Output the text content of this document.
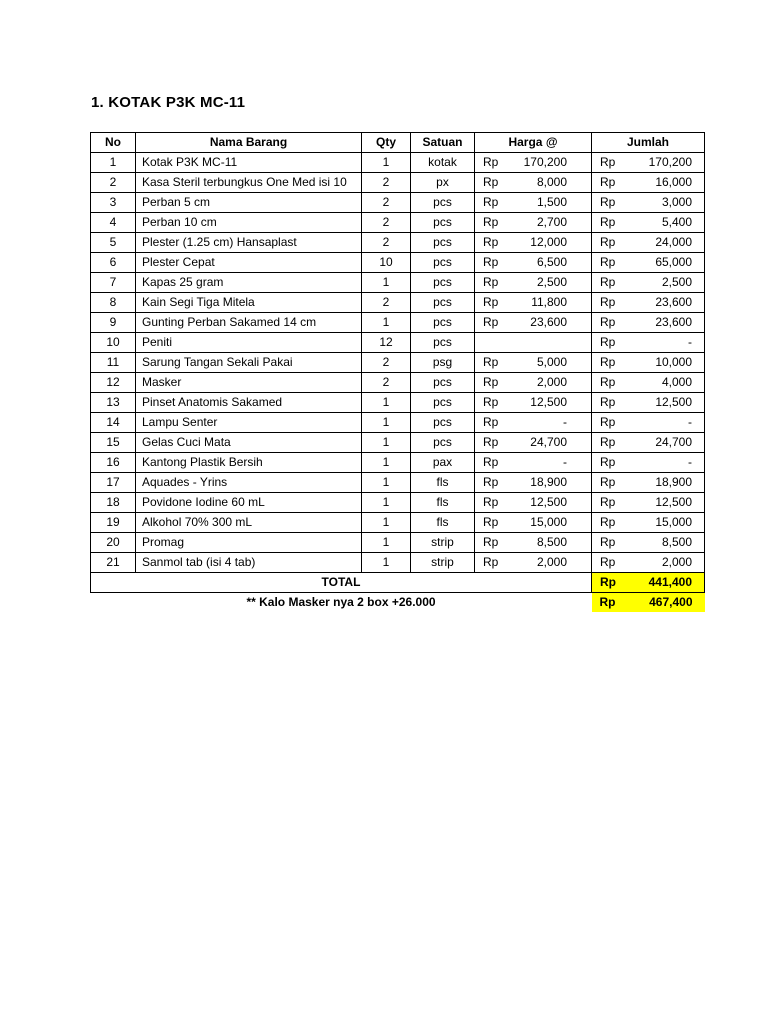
1. KOTAK P3K MC-11
No	Nama Barang	Qty	Satuan	Harga @		Jumlah	
1	Kotak P3K MC-11	1	kotak	Rp	170,200	Rp	170,200
2	Kasa Steril terbungkus One Med isi 10	2	px	Rp	8,000	Rp	16,000
3	Perban 5 cm	2	pcs	Rp	1,500	Rp	3,000
4	Perban 10 cm	2	pcs	Rp	2,700	Rp	5,400
5	Plester (1.25 cm) Hansaplast	2	pcs	Rp	12,000	Rp	24,000
6	Plester Cepat	10	pcs	Rp	6,500	Rp	65,000
7	Kapas 25 gram	1	pcs	Rp	2,500	Rp	2,500
8	Kain Segi Tiga Mitela	2	pcs	Rp	11,800	Rp	23,600
9	Gunting Perban Sakamed 14 cm	1	pcs	Rp	23,600	Rp	23,600
10	Peniti	12	pcs			Rp	-
11	Sarung Tangan Sekali Pakai	2	psg	Rp	5,000	Rp	10,000
12	Masker	2	pcs	Rp	2,000	Rp	4,000
13	Pinset Anatomis Sakamed	1	pcs	Rp	12,500	Rp	12,500
14	Lampu Senter	1	pcs	Rp	-	Rp	-
15	Gelas Cuci Mata	1	pcs	Rp	24,700	Rp	24,700
16	Kantong Plastik Bersih	1	pax	Rp	-	Rp	-
17	Aquades - Yrins	1	fls	Rp	18,900	Rp	18,900
18	Povidone Iodine 60 mL	1	fls	Rp	12,500	Rp	12,500
19	Alkohol 70% 300 mL	1	fls	Rp	15,000	Rp	15,000
20	Promag	1	strip	Rp	8,500	Rp	8,500
21	Sanmol tab (isi 4 tab)	1	strip	Rp	2,000	Rp	2,000
TOTAL						Rp	441,400
** Kalo Masker nya 2 box +26.000						Rp	467,400
